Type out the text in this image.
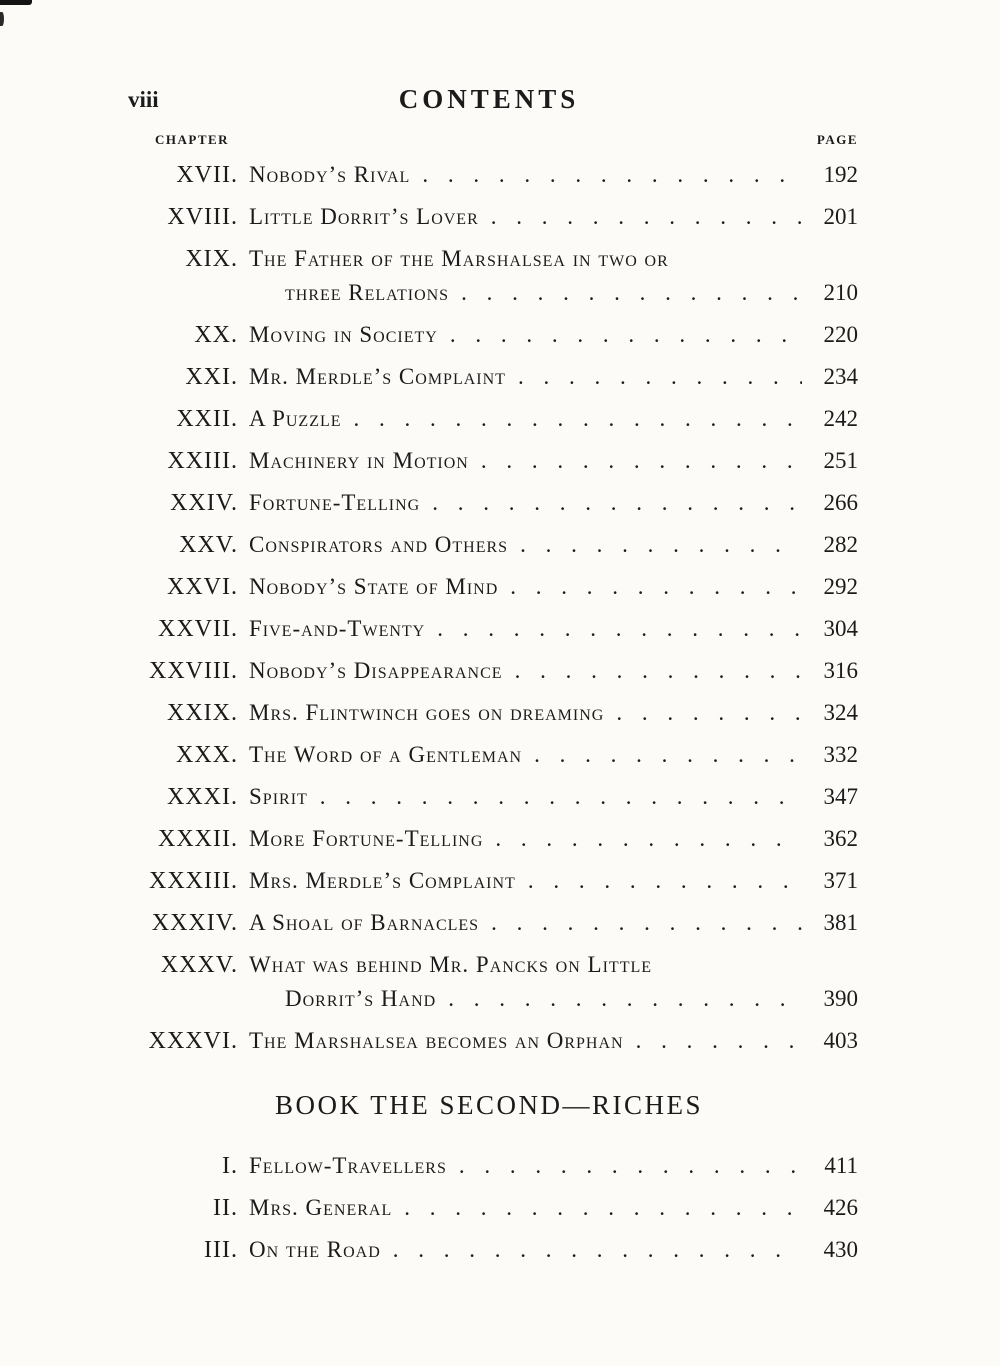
viii	CONTENTS
CHAPTER	PAGE
XVII. Nobody’s Rival . . .	192
XVIII. Little Dorrit’s Lover . . .	201
XIX. The Father of the Marshalsea in two or
three Relations . . .	210
XX. Moving in Society . . .	220
XXI. Mr. Merdle’s Complaint . . .	234
XXII. A Puzzle . . .	242
XXIII. Machinery in Motion . . .	251
XXIV. Fortune-Telling . . .	266
XXV. Conspirators and Others . . .	282
XXVI. Nobody’s State of Mind . . .	292
XXVII. Five-and-Twenty . . .	304
XXVIII. Nobody’s Disappearance . . .	316
XXIX. Mrs. Flintwinch goes on dreaming . . .	324
XXX. The Word of a Gentleman . . .	332
XXXI. Spirit . . .	347
XXXII. More Fortune-Telling . . .	362
XXXIII. Mrs. Merdle’s Complaint . . .	371
XXXIV. A Shoal of Barnacles . . .	381
XXXV. What was behind Mr. Pancks on Little
Dorrit’s Hand . . .	390
XXXVI. The Marshalsea becomes an Orphan . . .	403
BOOK THE SECOND—RICHES
I. Fellow-Travellers . . .	411
II. Mrs. General . . .	426
III. On the Road . . .	430
